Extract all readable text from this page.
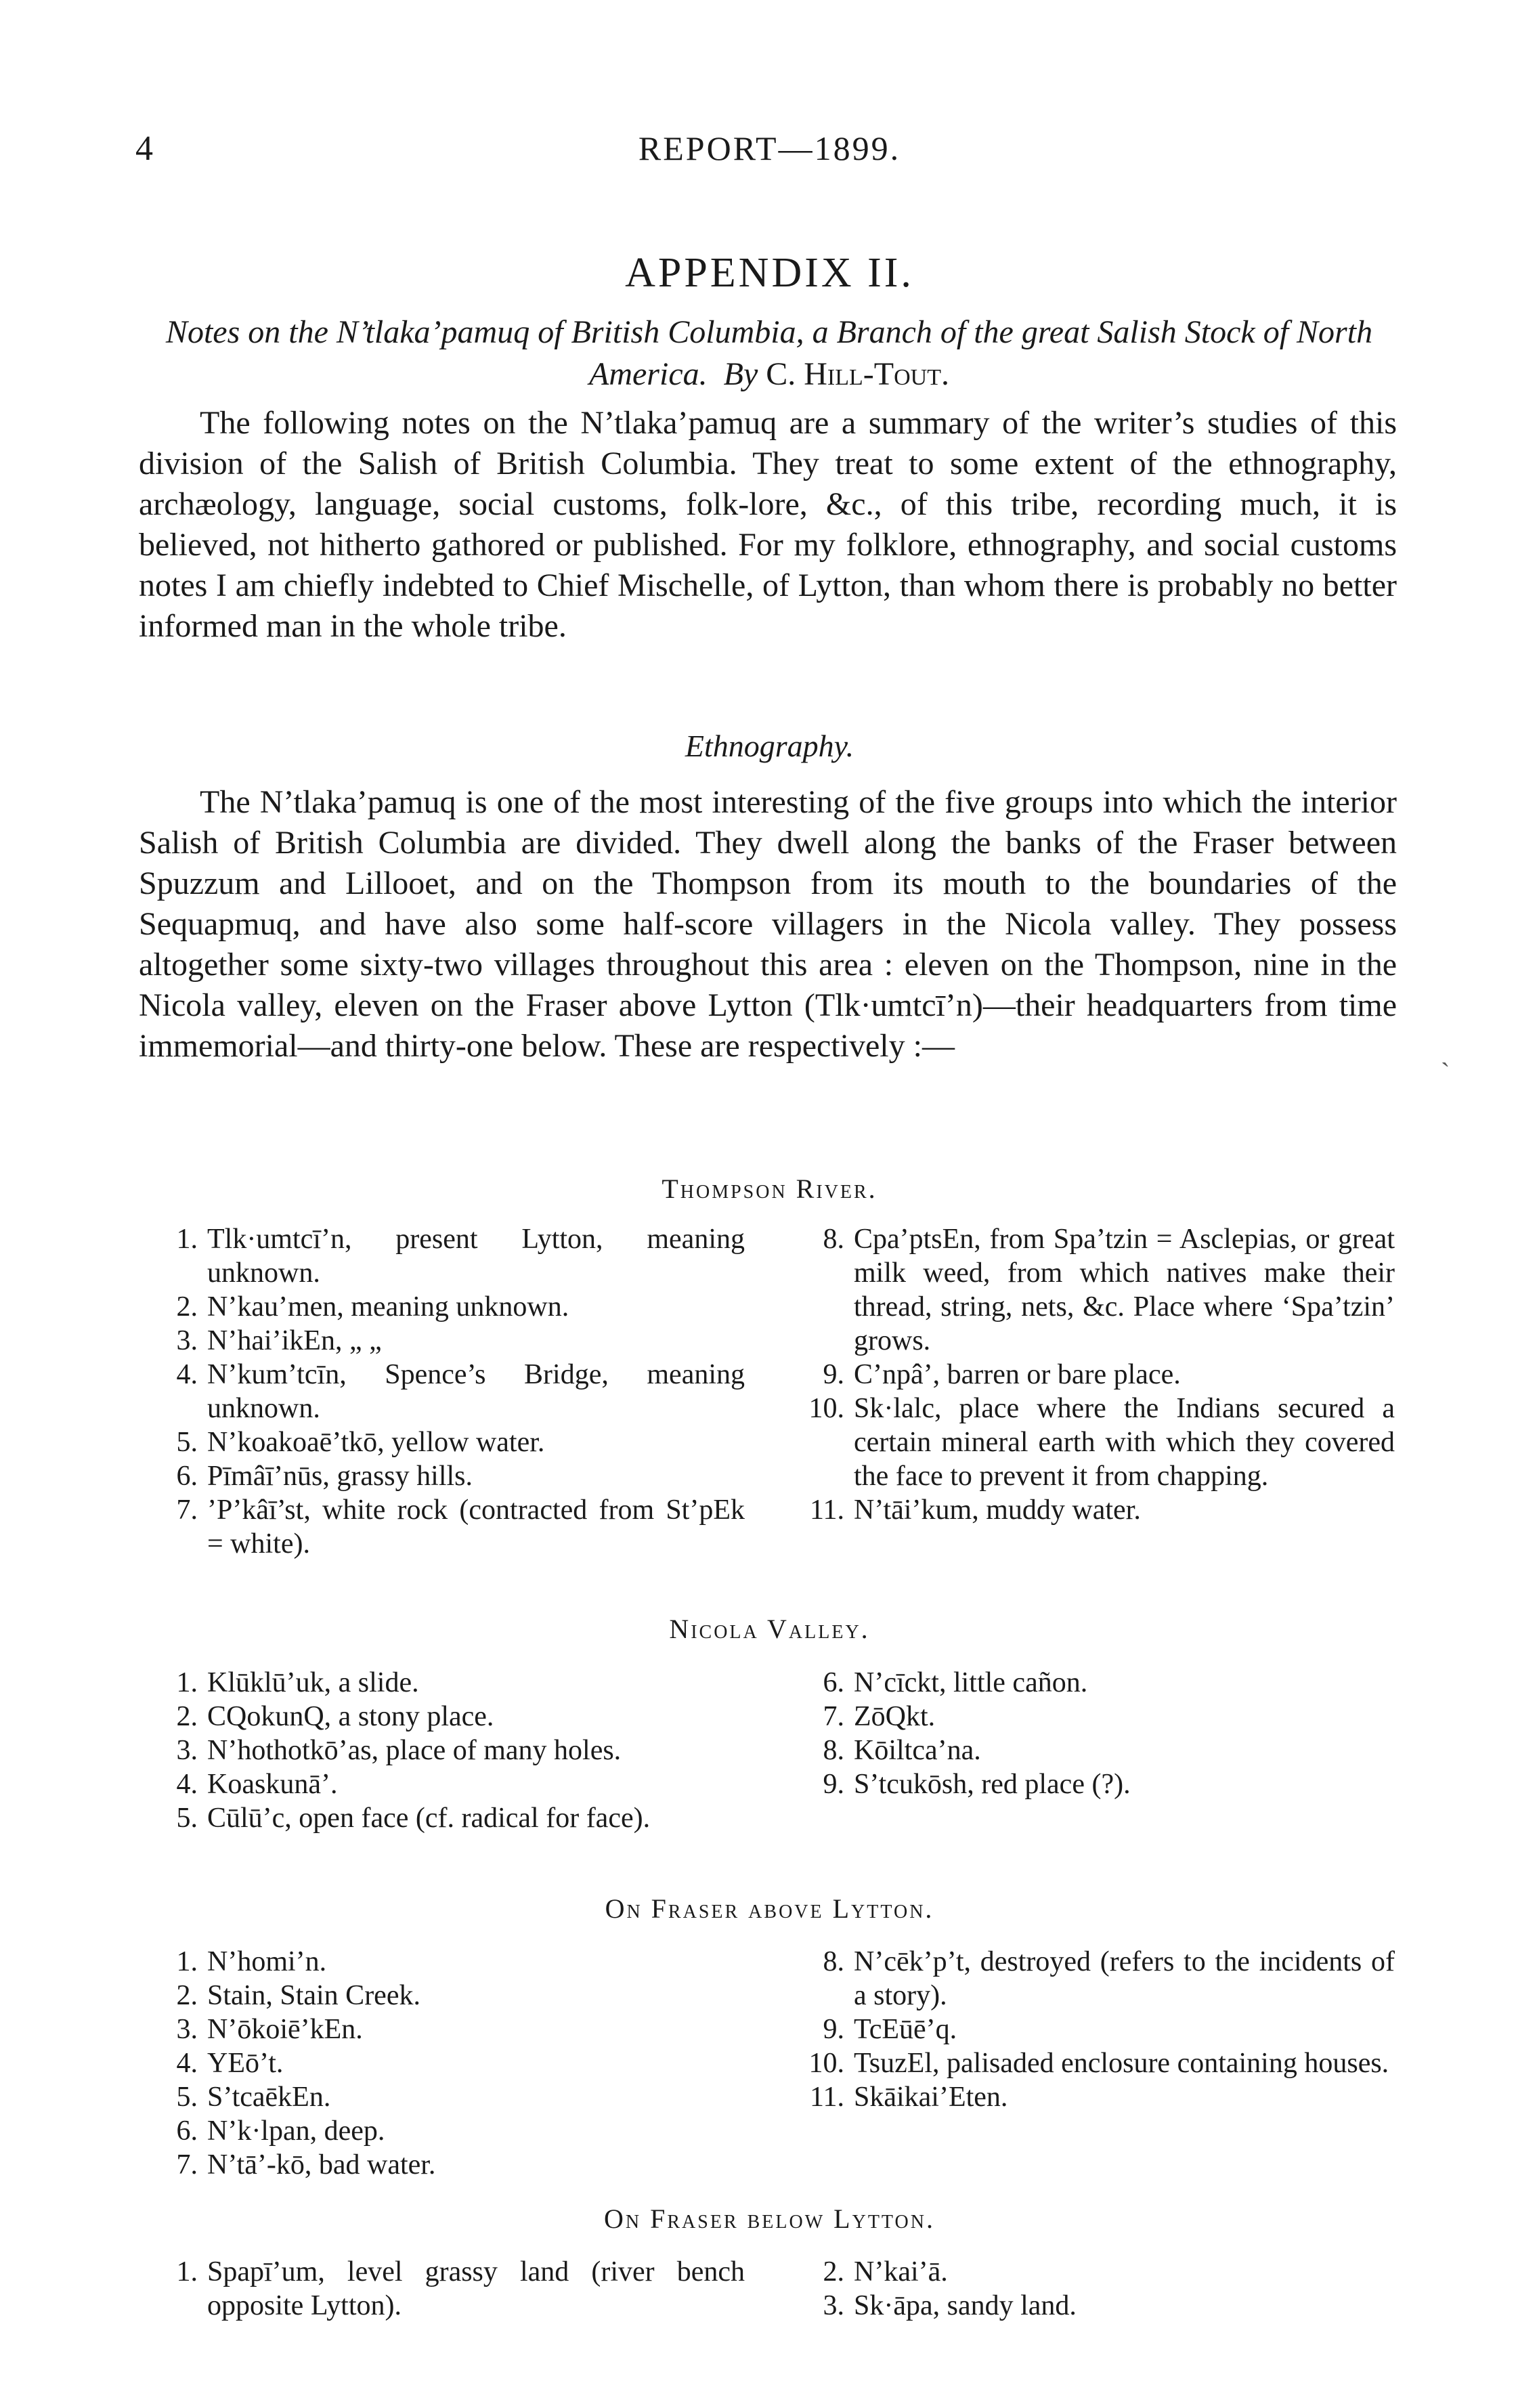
4	REPORT—1899.
APPENDIX II.
Notes on the N’tlaka’pamuq of British Columbia, a Branch of the great Salish Stock of North America. By C. Hill-Tout.

The following notes on the N’tlaka’pamuq are a summary of the writer’s studies of this division of the Salish of British Columbia. They treat to some extent of the ethnography, archæology, language, social customs, folk-lore, &c., of this tribe, recording much, it is believed, not hitherto gathored or published. For my folklore, ethnography, and social customs notes I am chiefly indebted to Chief Mischelle, of Lytton, than whom there is probably no better informed man in the whole tribe.

Ethnography.

The N’tlaka’pamuq is one of the most interesting of the five groups into which the interior Salish of British Columbia are divided. They dwell along the banks of the Fraser between Spuzzum and Lillooet, and on the Thompson from its mouth to the boundaries of the Sequapmuq, and have also some half-score villagers in the Nicola valley. They possess altogether some sixty-two villages throughout this area : eleven on the Thompson, nine in the Nicola valley, eleven on the Fraser above Lytton (Tlk·umtcī’n)—their headquarters from time immemorial—and thirty-one below. These are respectively :—

`
Thompson River.
1. Tlk·umtcī’n, present Lytton, meaning unknown.
2. N’kau’men, meaning unknown.
3. N’hai’ikEn, „ „
4. N’kum’tcīn, Spence’s Bridge, meaning unknown.
5. N’koakoaē’tkō, yellow water.
6. Pīmâī’nūs, grassy hills.
7. ’P’kâī’st, white rock (contracted from St’pEk = white).
8. Cpa’ptsEn, from Spa’tzin = Asclepias, or great milk weed, from which natives make their thread, string, nets, &c. Place where ‘Spa’tzin’ grows.
9. C’npâ’, barren or bare place.
10. Sk·lalc, place where the Indians secured a certain mineral earth with which they covered the face to prevent it from chapping.
11. N’tāi’kum, muddy water.
Nicola Valley.
1. Klūklū’uk, a slide.
2. CQokunQ, a stony place.
3. N’hothotkō’as, place of many holes.
4. Koaskunā’.
5. Cūlū’c, open face (cf. radical for face).
6. N’cīckt, little cañon.
7. ZōQkt.
8. Kōiltca’na.
9. S’tcukōsh, red place (?).
On Fraser above Lytton.
1. N’homi’n.
2. Stain, Stain Creek.
3. N’ōkoiē’kEn.
4. YEō’t.
5. S’tcaēkEn.
6. N’k·lpan, deep.
7. N’tā’-kō, bad water.
8. N’cēk’p’t, destroyed (refers to the incidents of a story).
9. TcEūē’q.
10. TsuzEl, palisaded enclosure containing houses.
11. Skāikai’Eten.
On Fraser below Lytton.
1. Spapī’um, level grassy land (river bench opposite Lytton).
2. N’kai’ā.
3. Sk·āpa, sandy land.
